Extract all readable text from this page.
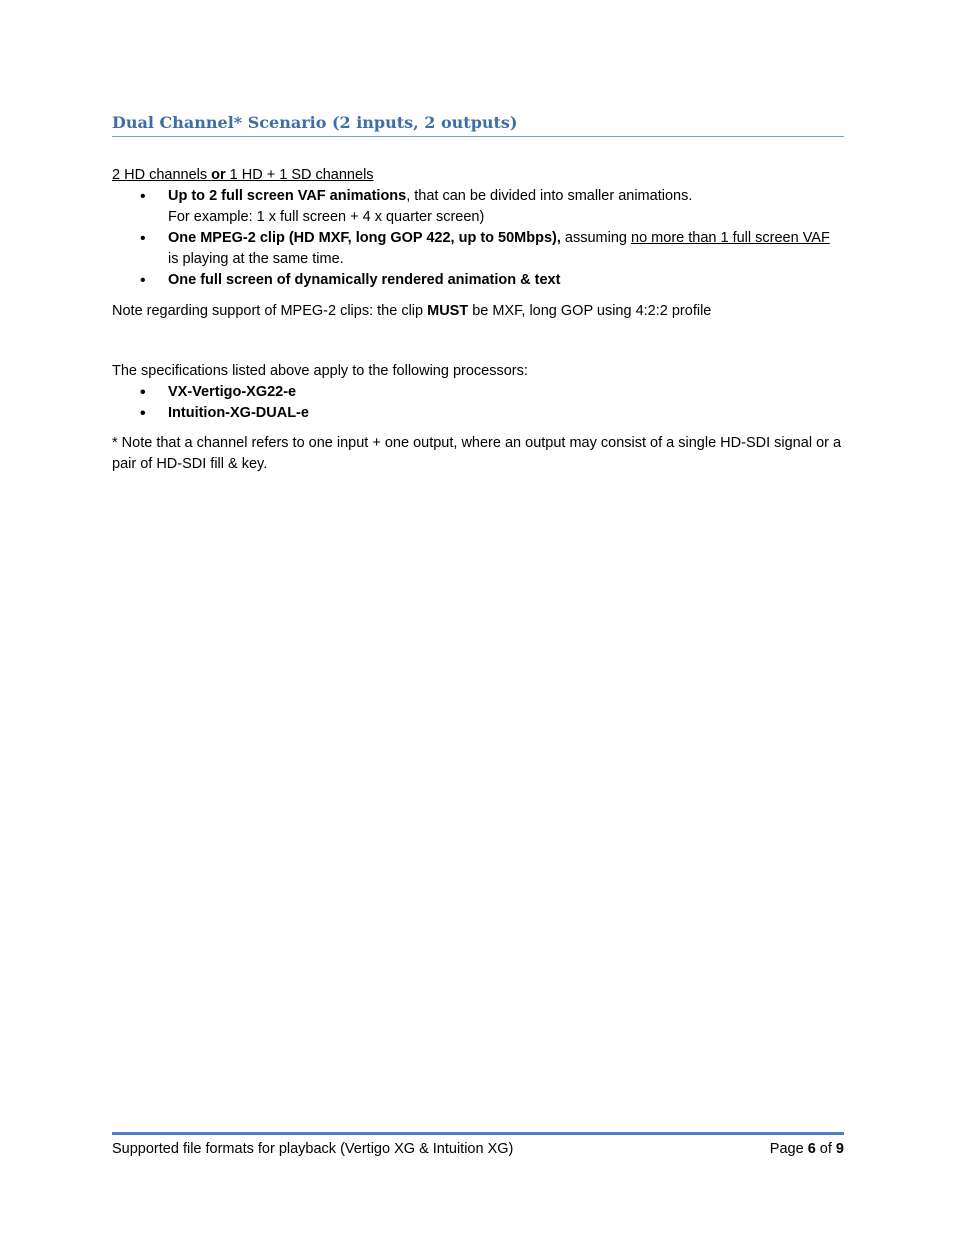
Dual Channel* Scenario (2 inputs, 2 outputs)
2 HD channels or 1 HD + 1 SD channels
• Up to 2 full screen VAF animations, that can be divided into smaller animations.
For example: 1 x full screen + 4 x quarter screen)
• One MPEG-2 clip (HD MXF, long GOP 422, up to 50Mbps), assuming no more than 1 full screen VAF is playing at the same time.
• One full screen of dynamically rendered animation & text
Note regarding support of MPEG-2 clips: the clip MUST be MXF, long GOP using 4:2:2 profile
The specifications listed above apply to the following processors:
• VX-Vertigo-XG22-e
• Intuition-XG-DUAL-e
* Note that a channel refers to one input + one output, where an output may consist of a single HD-SDI signal or a pair of HD-SDI fill & key.
Supported file formats for playback (Vertigo XG & Intuition XG)	Page 6 of 9
